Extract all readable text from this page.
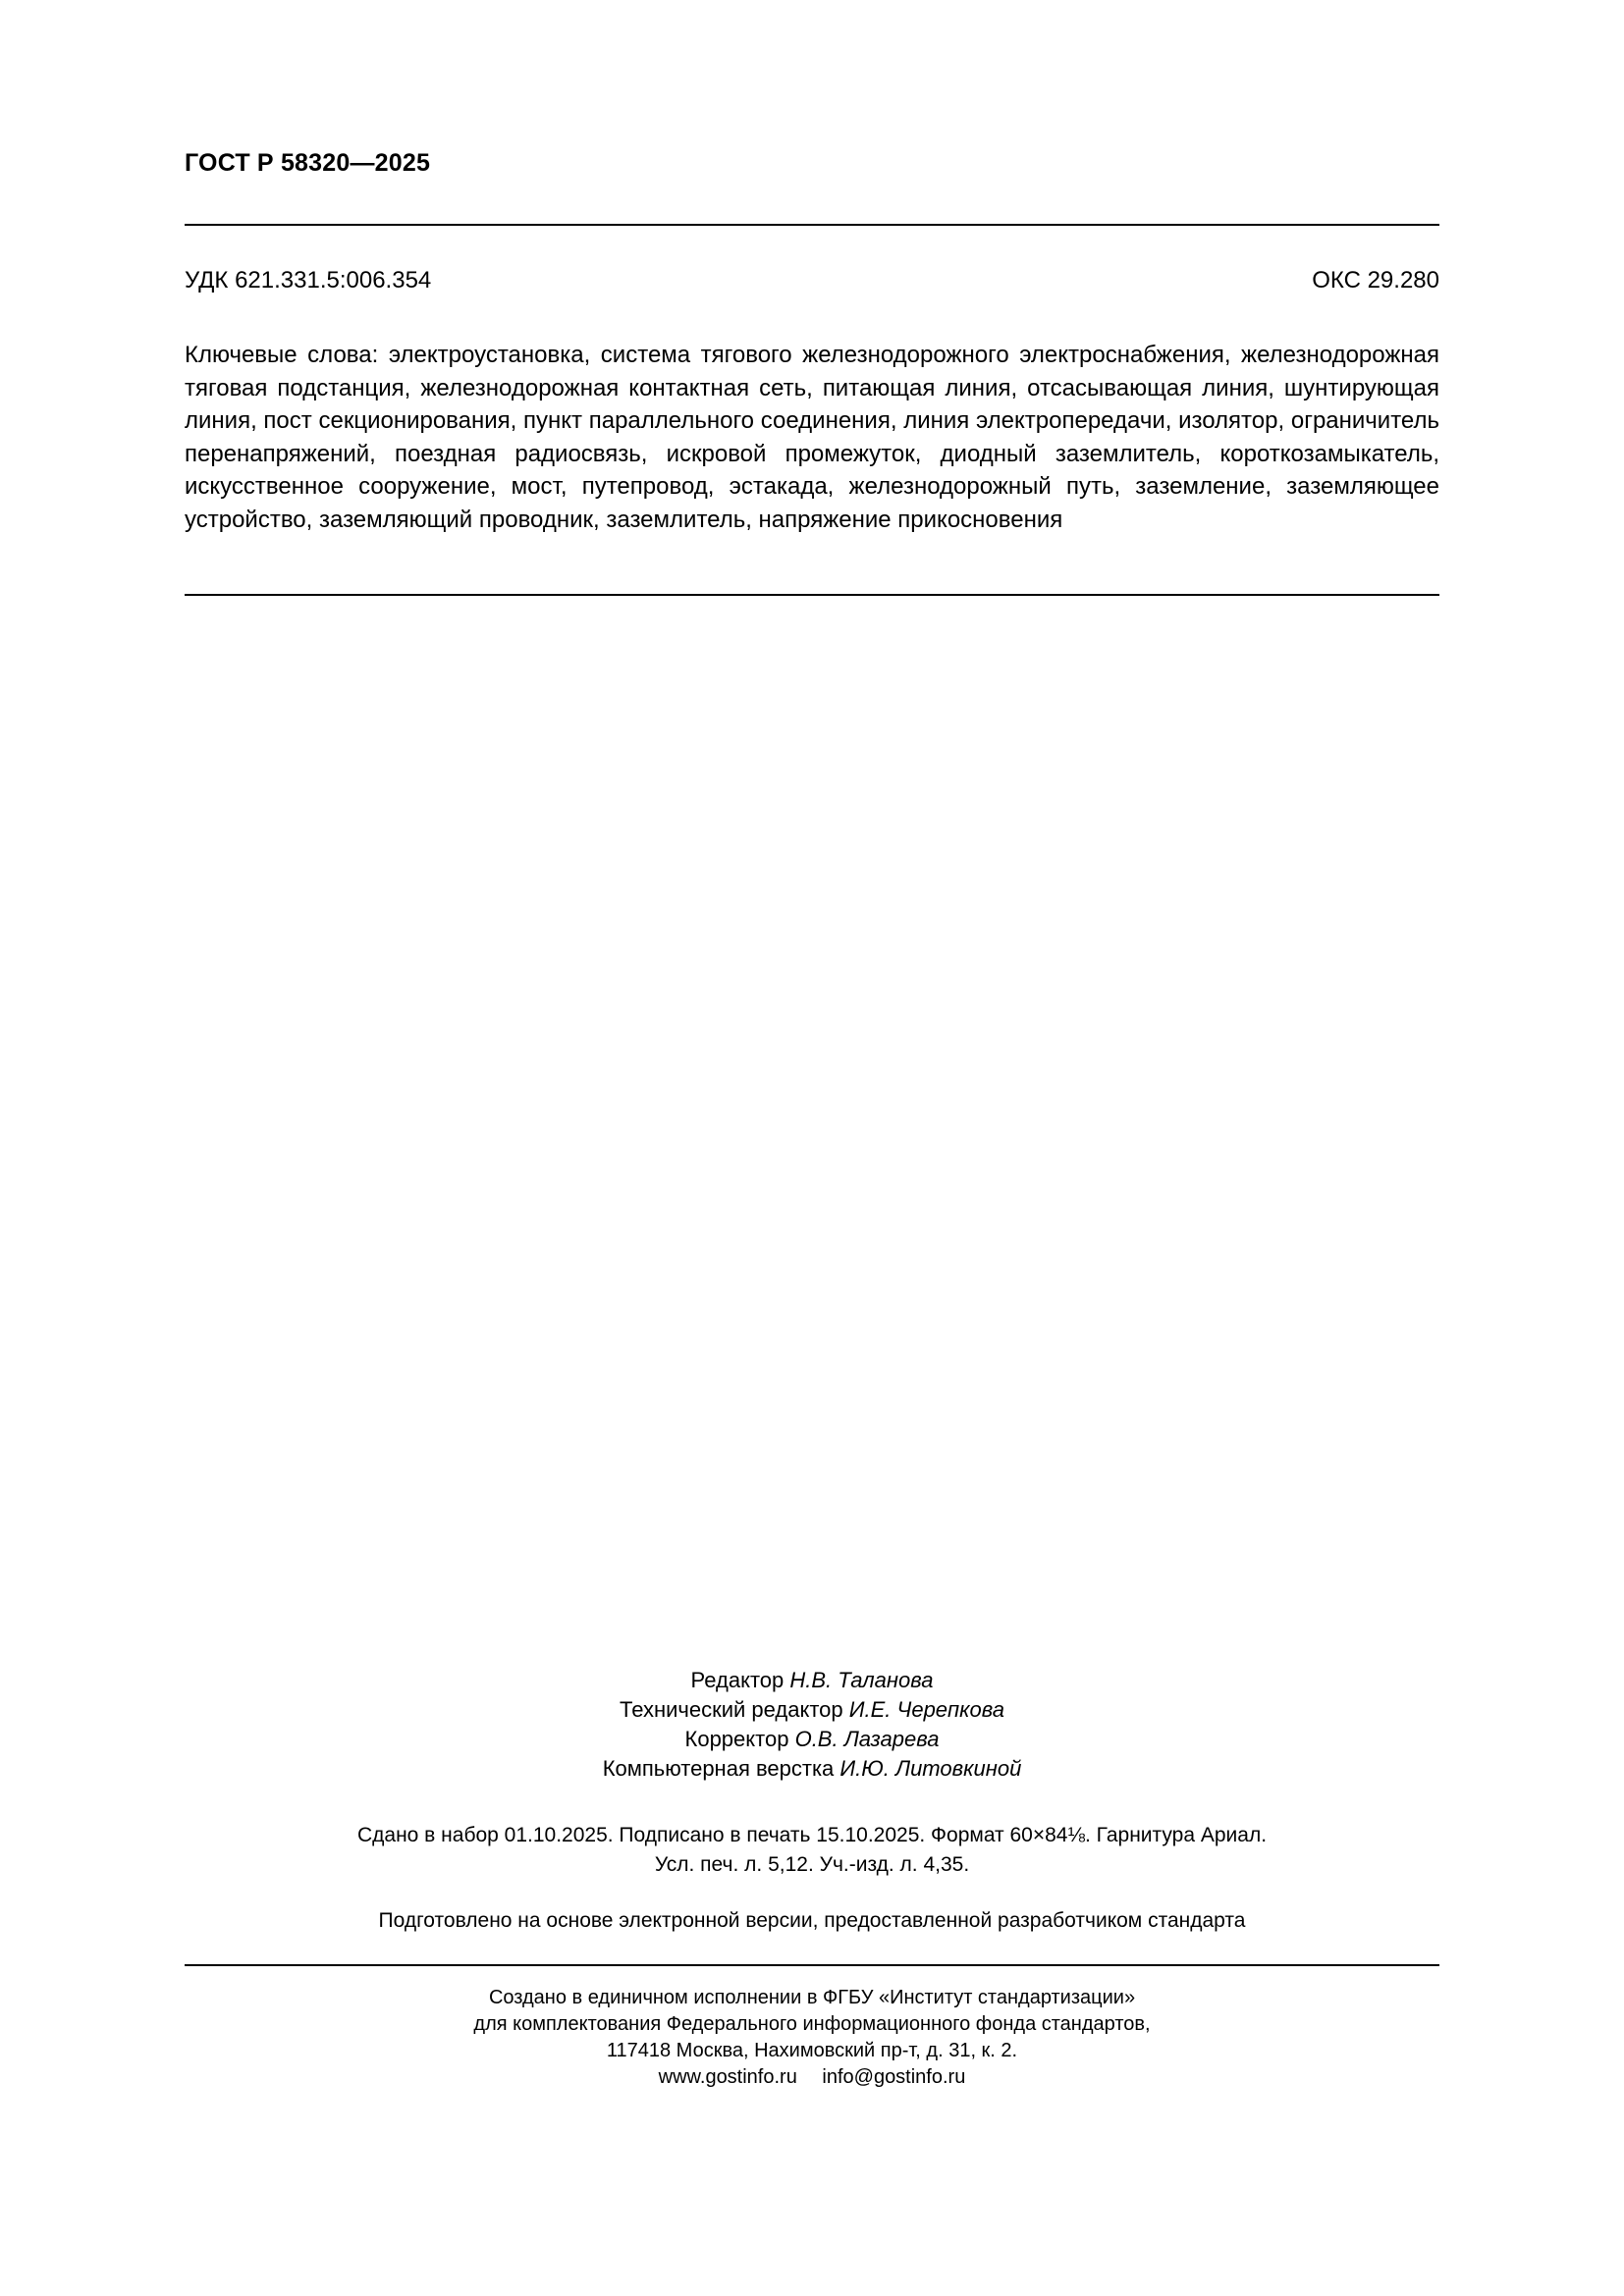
ГОСТ Р 58320—2025
УДК 621.331.5:006.354	ОКС 29.280
Ключевые слова: электроустановка, система тягового железнодорожного электроснабжения, железнодорожная тяговая подстанция, железнодорожная контактная сеть, питающая линия, отсасывающая линия, шунтирующая линия, пост секционирования, пункт параллельного соединения, линия электропередачи, изолятор, ограничитель перенапряжений, поездная радиосвязь, искровой промежуток, диодный заземлитель, короткозамыкатель, искусственное сооружение, мост, путепровод, эстакада, железнодорожный путь, заземление, заземляющее устройство, заземляющий проводник, заземлитель, напряжение прикосновения
Редактор Н.В. Таланова
Технический редактор И.Е. Черепкова
Корректор О.В. Лазарева
Компьютерная верстка И.Ю. Литовкиной
Сдано в набор 01.10.2025. Подписано в печать 15.10.2025. Формат 60×84⅛. Гарнитура Ариал.
Усл. печ. л. 5,12. Уч.-изд. л. 4,35.
Подготовлено на основе электронной версии, предоставленной разработчиком стандарта
Создано в единичном исполнении в ФГБУ «Институт стандартизации»
для комплектования Федерального информационного фонда стандартов,
117418 Москва, Нахимовский пр-т, д. 31, к. 2.
www.gostinfo.ru info@gostinfo.ru
